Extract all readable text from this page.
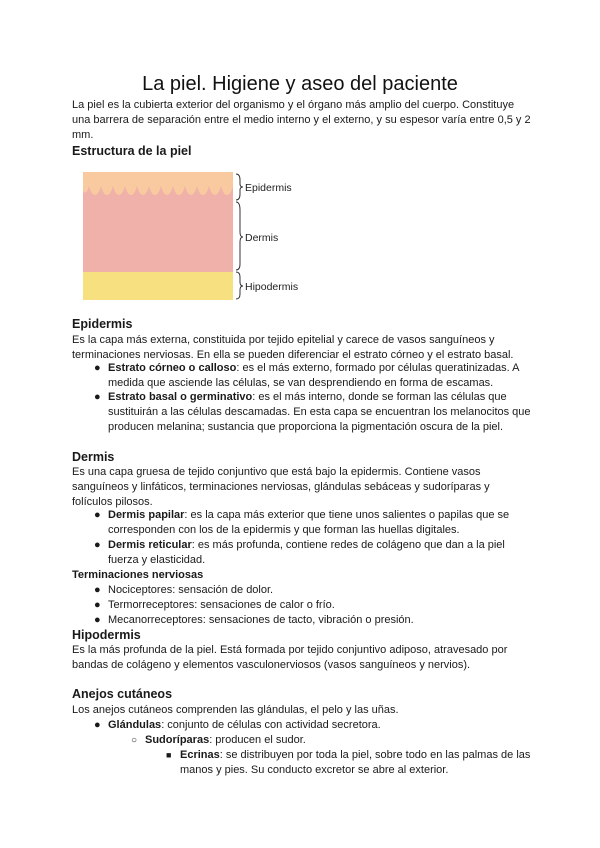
La piel. Higiene y aseo del paciente

La piel es la cubierta exterior del organismo y el órgano más amplio del cuerpo. Constituye una barrera de separación entre el medio interno y el externo, y su espesor varía entre 0,5 y 2 mm.

Estructura de la piel
Epidermis
Dermis
Hipodermis
Epidermis

Es la capa más externa, constituida por tejido epitelial y carece de vasos sanguíneos y terminaciones nerviosas. En ella se pueden diferenciar el estrato córneo y el estrato basal.

● Estrato córneo o calloso: es el más externo, formado por células queratinizadas. A medida que asciende las células, se van desprendiendo en forma de escamas.
● Estrato basal o germinativo: es el más interno, donde se forman las células que sustituirán a las células descamadas. En esta capa se encuentran los melanocitos que producen melanina; sustancia que proporciona la pigmentación oscura de la piel.
Dermis

Es una capa gruesa de tejido conjuntivo que está bajo la epidermis. Contiene vasos sanguíneos y linfáticos, terminaciones nerviosas, glándulas sebáceas y sudoríparas y folículos pilosos.

● Dermis papilar: es la capa más exterior que tiene unos salientes o papilas que se corresponden con los de la epidermis y que forman las huellas digitales.
● Dermis reticular: es más profunda, contiene redes de colágeno que dan a la piel fuerza y elasticidad.
Terminaciones nerviosas
● Nociceptores: sensación de dolor.
● Termorreceptores: sensaciones de calor o frío.
● Mecanorreceptores: sensaciones de tacto, vibración o presión.
Hipodermis

Es la más profunda de la piel. Está formada por tejido conjuntivo adiposo, atravesado por bandas de colágeno y elementos vasculonerviosos (vasos sanguíneos y nervios).

Anejos cutáneos

Los anejos cutáneos comprenden las glándulas, el pelo y las uñas.

● Glándulas: conjunto de células con actividad secretora.
○ Sudoríparas: producen el sudor.
■ Ecrinas: se distribuyen por toda la piel, sobre todo en las palmas de las manos y pies. Su conducto excretor se abre al exterior.
